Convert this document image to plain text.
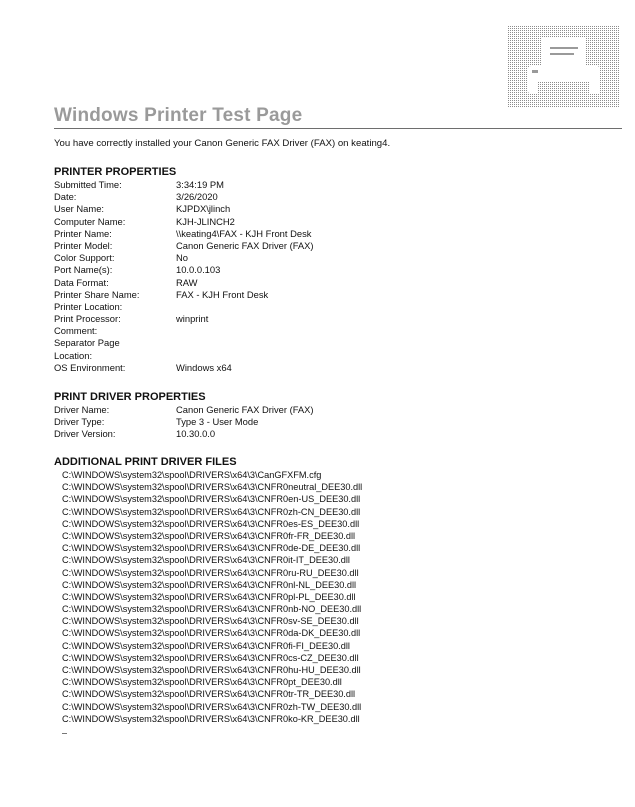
Windows Printer Test Page
You have correctly installed your Canon Generic FAX Driver (FAX) on keating4.
PRINTER PROPERTIES
Submitted Time:	3:34:19 PM
Date:	3/26/2020
User Name:	KJPDX\jlinch
Computer Name:	KJH-JLINCH2
Printer Name:	\\keating4\FAX - KJH Front Desk
Printer Model:	Canon Generic FAX Driver (FAX)
Color Support:	No
Port Name(s):	10.0.0.103
Data Format:	RAW
Printer Share Name:	FAX - KJH Front Desk
Printer Location:
Print Processor:	winprint
Comment:
Separator Page
Location:
OS Environment:	Windows x64
PRINT DRIVER PROPERTIES
Driver Name:	Canon Generic FAX Driver (FAX)
Driver Type:	Type 3 - User Mode
Driver Version:	10.30.0.0
ADDITIONAL PRINT DRIVER FILES
C:\WINDOWS\system32\spool\DRIVERS\x64\3\CanGFXFM.cfg
C:\WINDOWS\system32\spool\DRIVERS\x64\3\CNFR0neutral_DEE30.dll
C:\WINDOWS\system32\spool\DRIVERS\x64\3\CNFR0en-US_DEE30.dll
C:\WINDOWS\system32\spool\DRIVERS\x64\3\CNFR0zh-CN_DEE30.dll
C:\WINDOWS\system32\spool\DRIVERS\x64\3\CNFR0es-ES_DEE30.dll
C:\WINDOWS\system32\spool\DRIVERS\x64\3\CNFR0fr-FR_DEE30.dll
C:\WINDOWS\system32\spool\DRIVERS\x64\3\CNFR0de-DE_DEE30.dll
C:\WINDOWS\system32\spool\DRIVERS\x64\3\CNFR0it-IT_DEE30.dll
C:\WINDOWS\system32\spool\DRIVERS\x64\3\CNFR0ru-RU_DEE30.dll
C:\WINDOWS\system32\spool\DRIVERS\x64\3\CNFR0nl-NL_DEE30.dll
C:\WINDOWS\system32\spool\DRIVERS\x64\3\CNFR0pl-PL_DEE30.dll
C:\WINDOWS\system32\spool\DRIVERS\x64\3\CNFR0nb-NO_DEE30.dll
C:\WINDOWS\system32\spool\DRIVERS\x64\3\CNFR0sv-SE_DEE30.dll
C:\WINDOWS\system32\spool\DRIVERS\x64\3\CNFR0da-DK_DEE30.dll
C:\WINDOWS\system32\spool\DRIVERS\x64\3\CNFR0fi-FI_DEE30.dll
C:\WINDOWS\system32\spool\DRIVERS\x64\3\CNFR0cs-CZ_DEE30.dll
C:\WINDOWS\system32\spool\DRIVERS\x64\3\CNFR0hu-HU_DEE30.dll
C:\WINDOWS\system32\spool\DRIVERS\x64\3\CNFR0pt_DEE30.dll
C:\WINDOWS\system32\spool\DRIVERS\x64\3\CNFR0tr-TR_DEE30.dll
C:\WINDOWS\system32\spool\DRIVERS\x64\3\CNFR0zh-TW_DEE30.dll
C:\WINDOWS\system32\spool\DRIVERS\x64\3\CNFR0ko-KR_DEE30.dll
